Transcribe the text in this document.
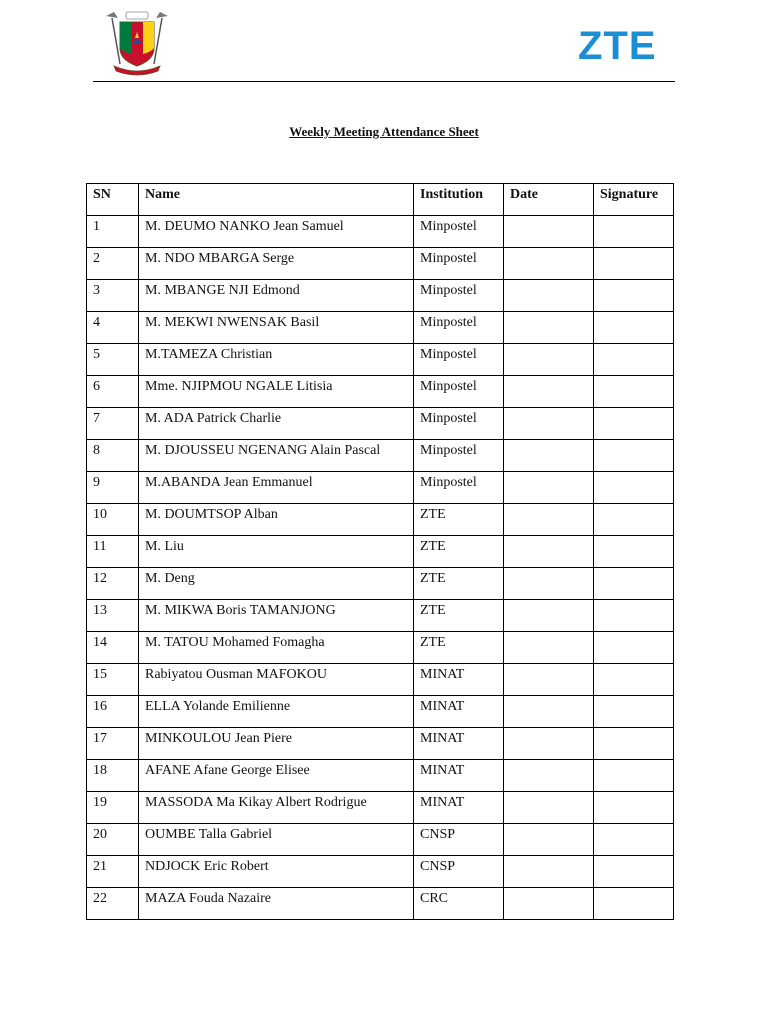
ZTE
Weekly Meeting Attendance Sheet
SN	Name	Institution	Date	Signature
1	M. DEUMO NANKO Jean Samuel	Minpostel		
2	M. NDO MBARGA Serge	Minpostel		
3	M. MBANGE NJI Edmond	Minpostel		
4	M. MEKWI NWENSAK Basil	Minpostel		
5	M.TAMEZA Christian	Minpostel		
6	Mme. NJIPMOU NGALE Litisia	Minpostel		
7	M. ADA Patrick Charlie	Minpostel		
8	M. DJOUSSEU NGENANG Alain Pascal	Minpostel		
9	M.ABANDA Jean Emmanuel	Minpostel		
10	M. DOUMTSOP Alban	ZTE		
11	M. Liu	ZTE		
12	M. Deng	ZTE		
13	M. MIKWA Boris TAMANJONG	ZTE		
14	M. TATOU Mohamed Fomagha	ZTE		
15	Rabiyatou Ousman MAFOKOU	MINAT		
16	ELLA Yolande Emilienne	MINAT		
17	MINKOULOU Jean Piere	MINAT		
18	AFANE Afane George Elisee	MINAT		
19	MASSODA Ma Kikay Albert Rodrigue	MINAT		
20	OUMBE Talla Gabriel	CNSP		
21	NDJOCK Eric Robert	CNSP		
22	MAZA Fouda Nazaire	CRC		
